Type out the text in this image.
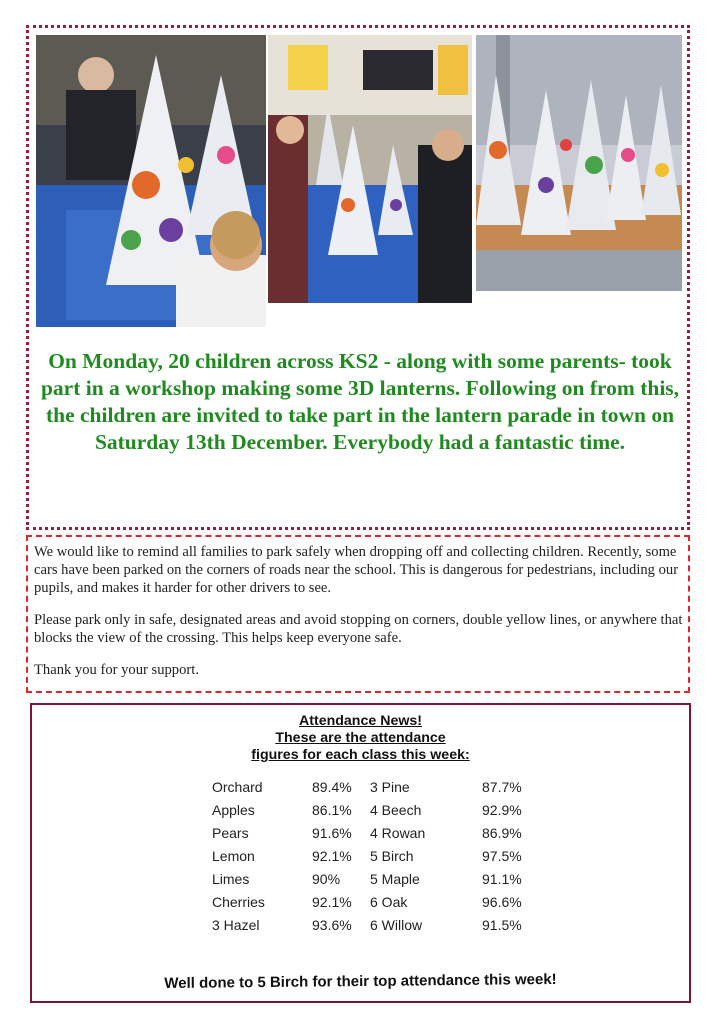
On Monday, 20 children across KS2 - along with some parents- took part in a workshop making some 3D lanterns. Following on from this, the children are invited to take part in the lantern parade in town on Saturday 13th December. Everybody had a fantastic time.

We would like to remind all families to park safely when dropping off and collecting children. Recently, some cars have been parked on the corners of roads near the school. This is dangerous for pedestrians, including our pupils, and makes it harder for other drivers to see.

Please park only in safe, designated areas and avoid stopping on corners, double yellow lines, or anywhere that blocks the view of the crossing. This helps keep everyone safe.

Thank you for your support.

Attendance News!
These are the attendance
figures for each class this week:
Orchard	89.4% 3 Pine	87.7%
Apples	86.1% 4 Beech	92.9%
Pears	91.6% 4 Rowan	86.9%
Lemon	92.1% 5 Birch	97.5%
Limes	90% 5 Maple	91.1%
Cherries	92.1% 6 Oak	96.6%
3 Hazel	93.6% 6 Willow	91.5%
Well done to 5 Birch for their top attendance this week!
